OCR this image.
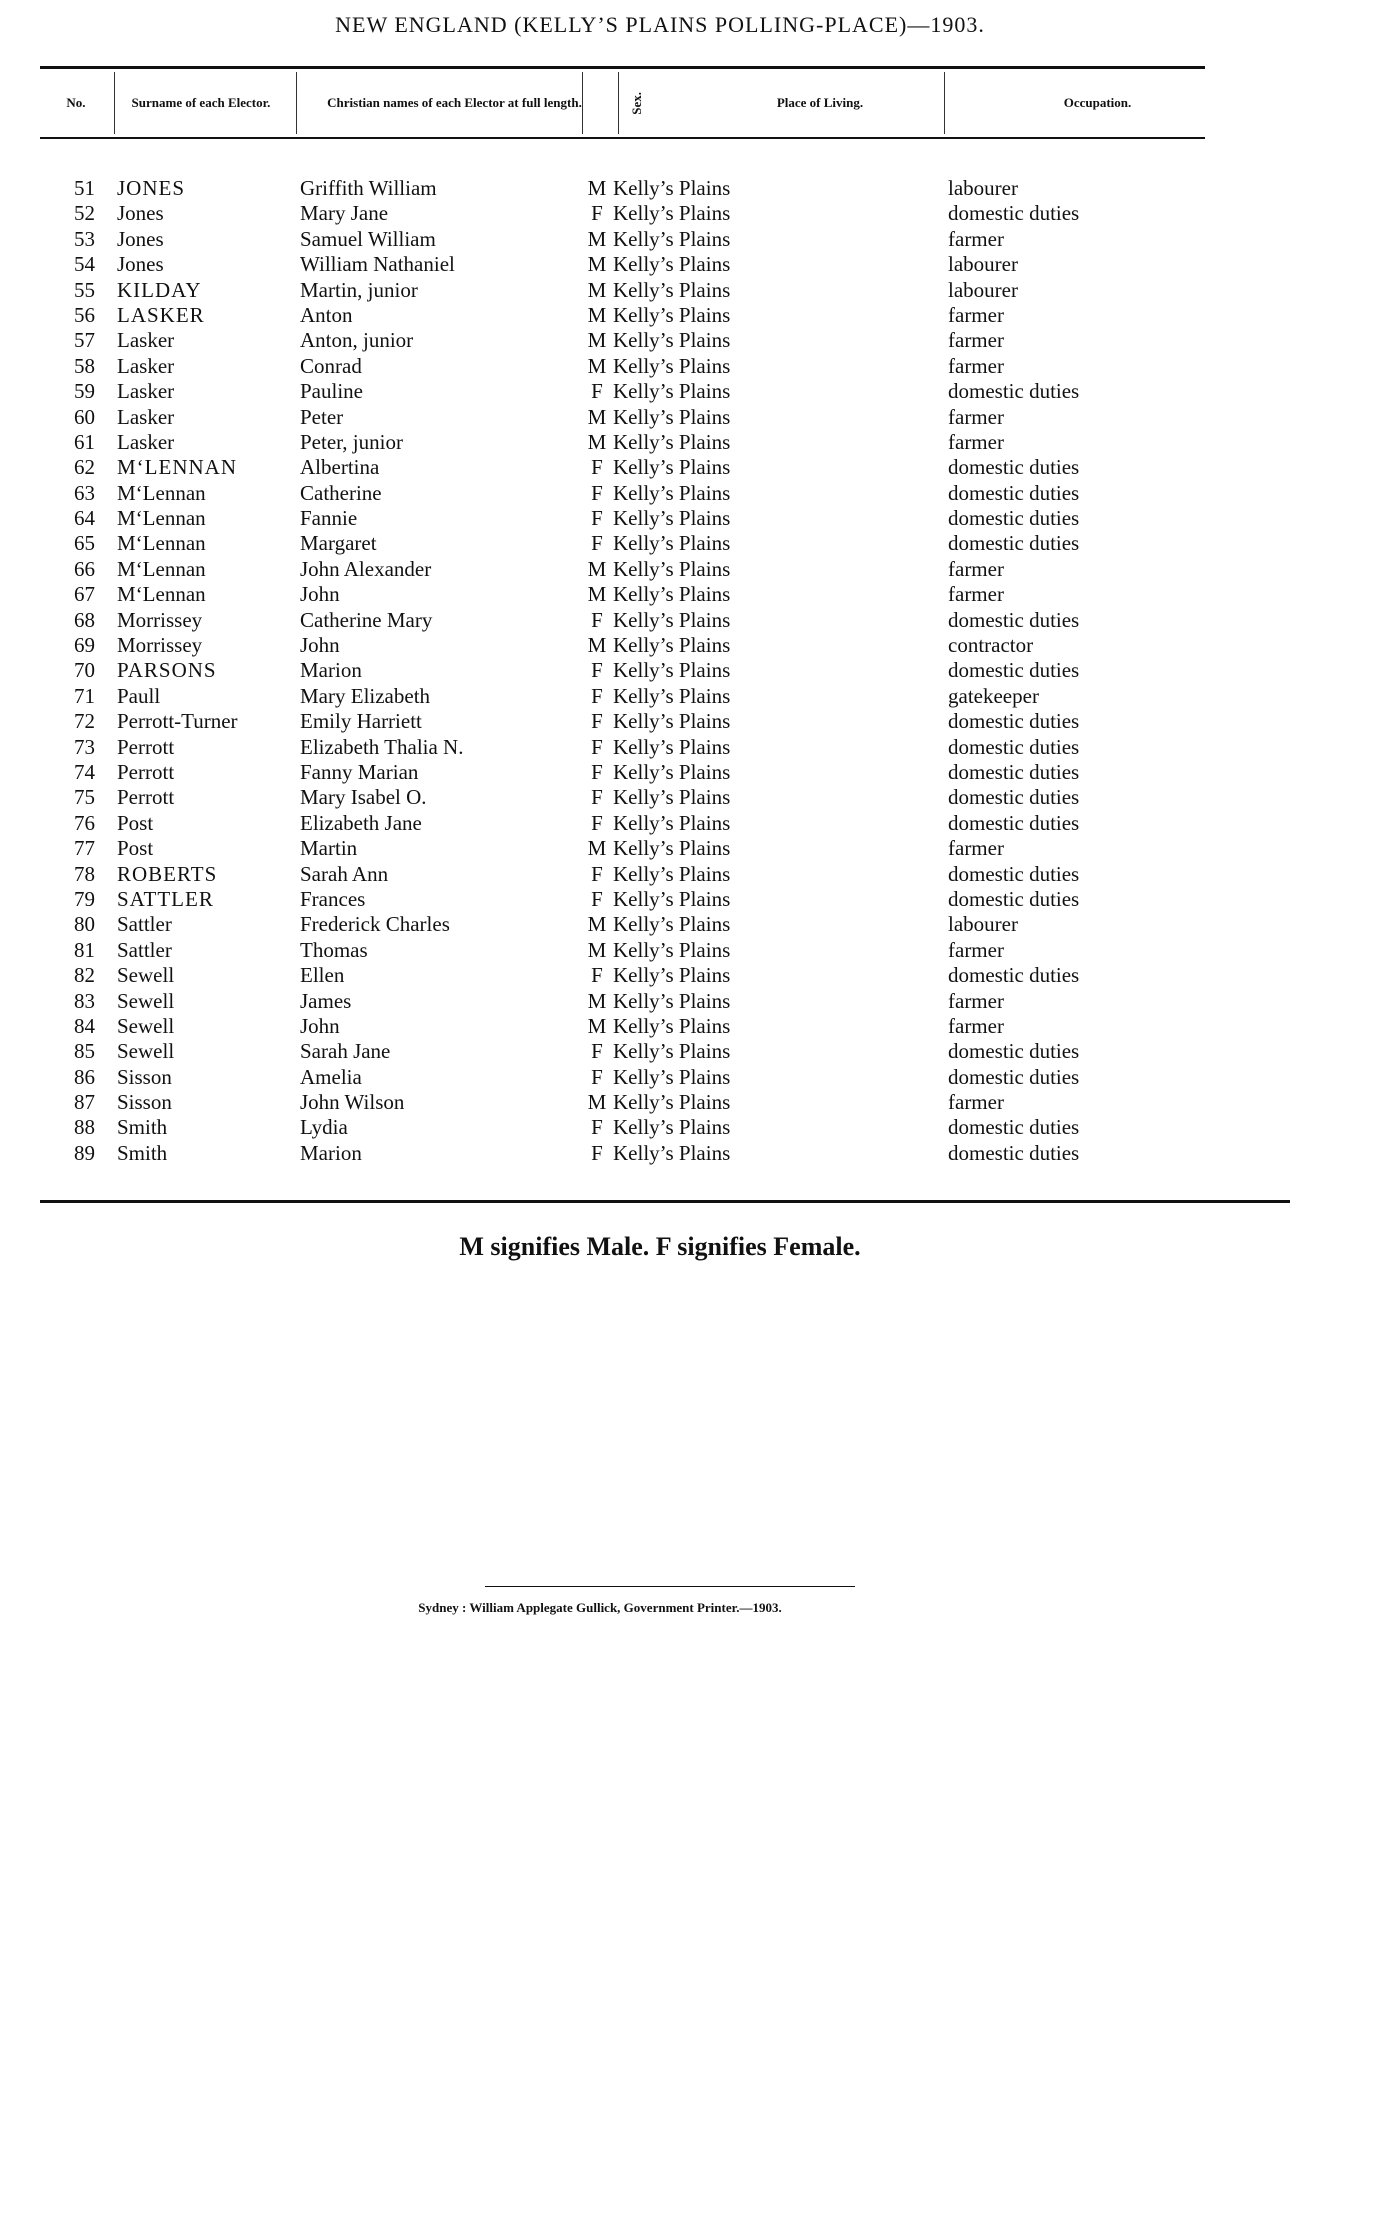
NEW ENGLAND (KELLY’S PLAINS POLLING-PLACE)—1903.
No.	Surname of each Elector.	Christian names of each Elector at full length.	Sex.	Place of Living.	Occupation.
51 JONES	Griffith William	M Kelly’s Plains	labourer
52 Jones	Mary Jane	F Kelly’s Plains	domestic duties
53 Jones	Samuel William	M Kelly’s Plains	farmer
54 Jones	William Nathaniel	M Kelly’s Plains	labourer
55 KILDAY	Martin, junior	M Kelly’s Plains	labourer
56 LASKER	Anton	M Kelly’s Plains	farmer
57 Lasker	Anton, junior	M Kelly’s Plains	farmer
58 Lasker	Conrad	M Kelly’s Plains	farmer
59 Lasker	Pauline	F Kelly’s Plains	domestic duties
60 Lasker	Peter	M Kelly’s Plains	farmer
61 Lasker	Peter, junior	M Kelly’s Plains	farmer
62 M‘LENNAN	Albertina	F Kelly’s Plains	domestic duties
63 M‘Lennan	Catherine	F Kelly’s Plains	domestic duties
64 M‘Lennan	Fannie	F Kelly’s Plains	domestic duties
65 M‘Lennan	Margaret	F Kelly’s Plains	domestic duties
66 M‘Lennan	John Alexander	M Kelly’s Plains	farmer
67 M‘Lennan	John	M Kelly’s Plains	farmer
68 Morrissey	Catherine Mary	F Kelly’s Plains	domestic duties
69 Morrissey	John	M Kelly’s Plains	contractor
70 PARSONS	Marion	F Kelly’s Plains	domestic duties
71 Paull	Mary Elizabeth	F Kelly’s Plains	gatekeeper
72 Perrott-Turner	Emily Harriett	F Kelly’s Plains	domestic duties
73 Perrott	Elizabeth Thalia N.	F Kelly’s Plains	domestic duties
74 Perrott	Fanny Marian	F Kelly’s Plains	domestic duties
75 Perrott	Mary Isabel O.	F Kelly’s Plains	domestic duties
76 Post	Elizabeth Jane	F Kelly’s Plains	domestic duties
77 Post	Martin	M Kelly’s Plains	farmer
78 ROBERTS	Sarah Ann	F Kelly’s Plains	domestic duties
79 SATTLER	Frances	F Kelly’s Plains	domestic duties
80 Sattler	Frederick Charles	M Kelly’s Plains	labourer
81 Sattler	Thomas	M Kelly’s Plains	farmer
82 Sewell	Ellen	F Kelly’s Plains	domestic duties
83 Sewell	James	M Kelly’s Plains	farmer
84 Sewell	John	M Kelly’s Plains	farmer
85 Sewell	Sarah Jane	F Kelly’s Plains	domestic duties
86 Sisson	Amelia	F Kelly’s Plains	domestic duties
87 Sisson	John Wilson	M Kelly’s Plains	farmer
88 Smith	Lydia	F Kelly’s Plains	domestic duties
89 Smith	Marion	F Kelly’s Plains	domestic duties
M signifies Male. F signifies Female.
Sydney : William Applegate Gullick, Government Printer.—1903.
